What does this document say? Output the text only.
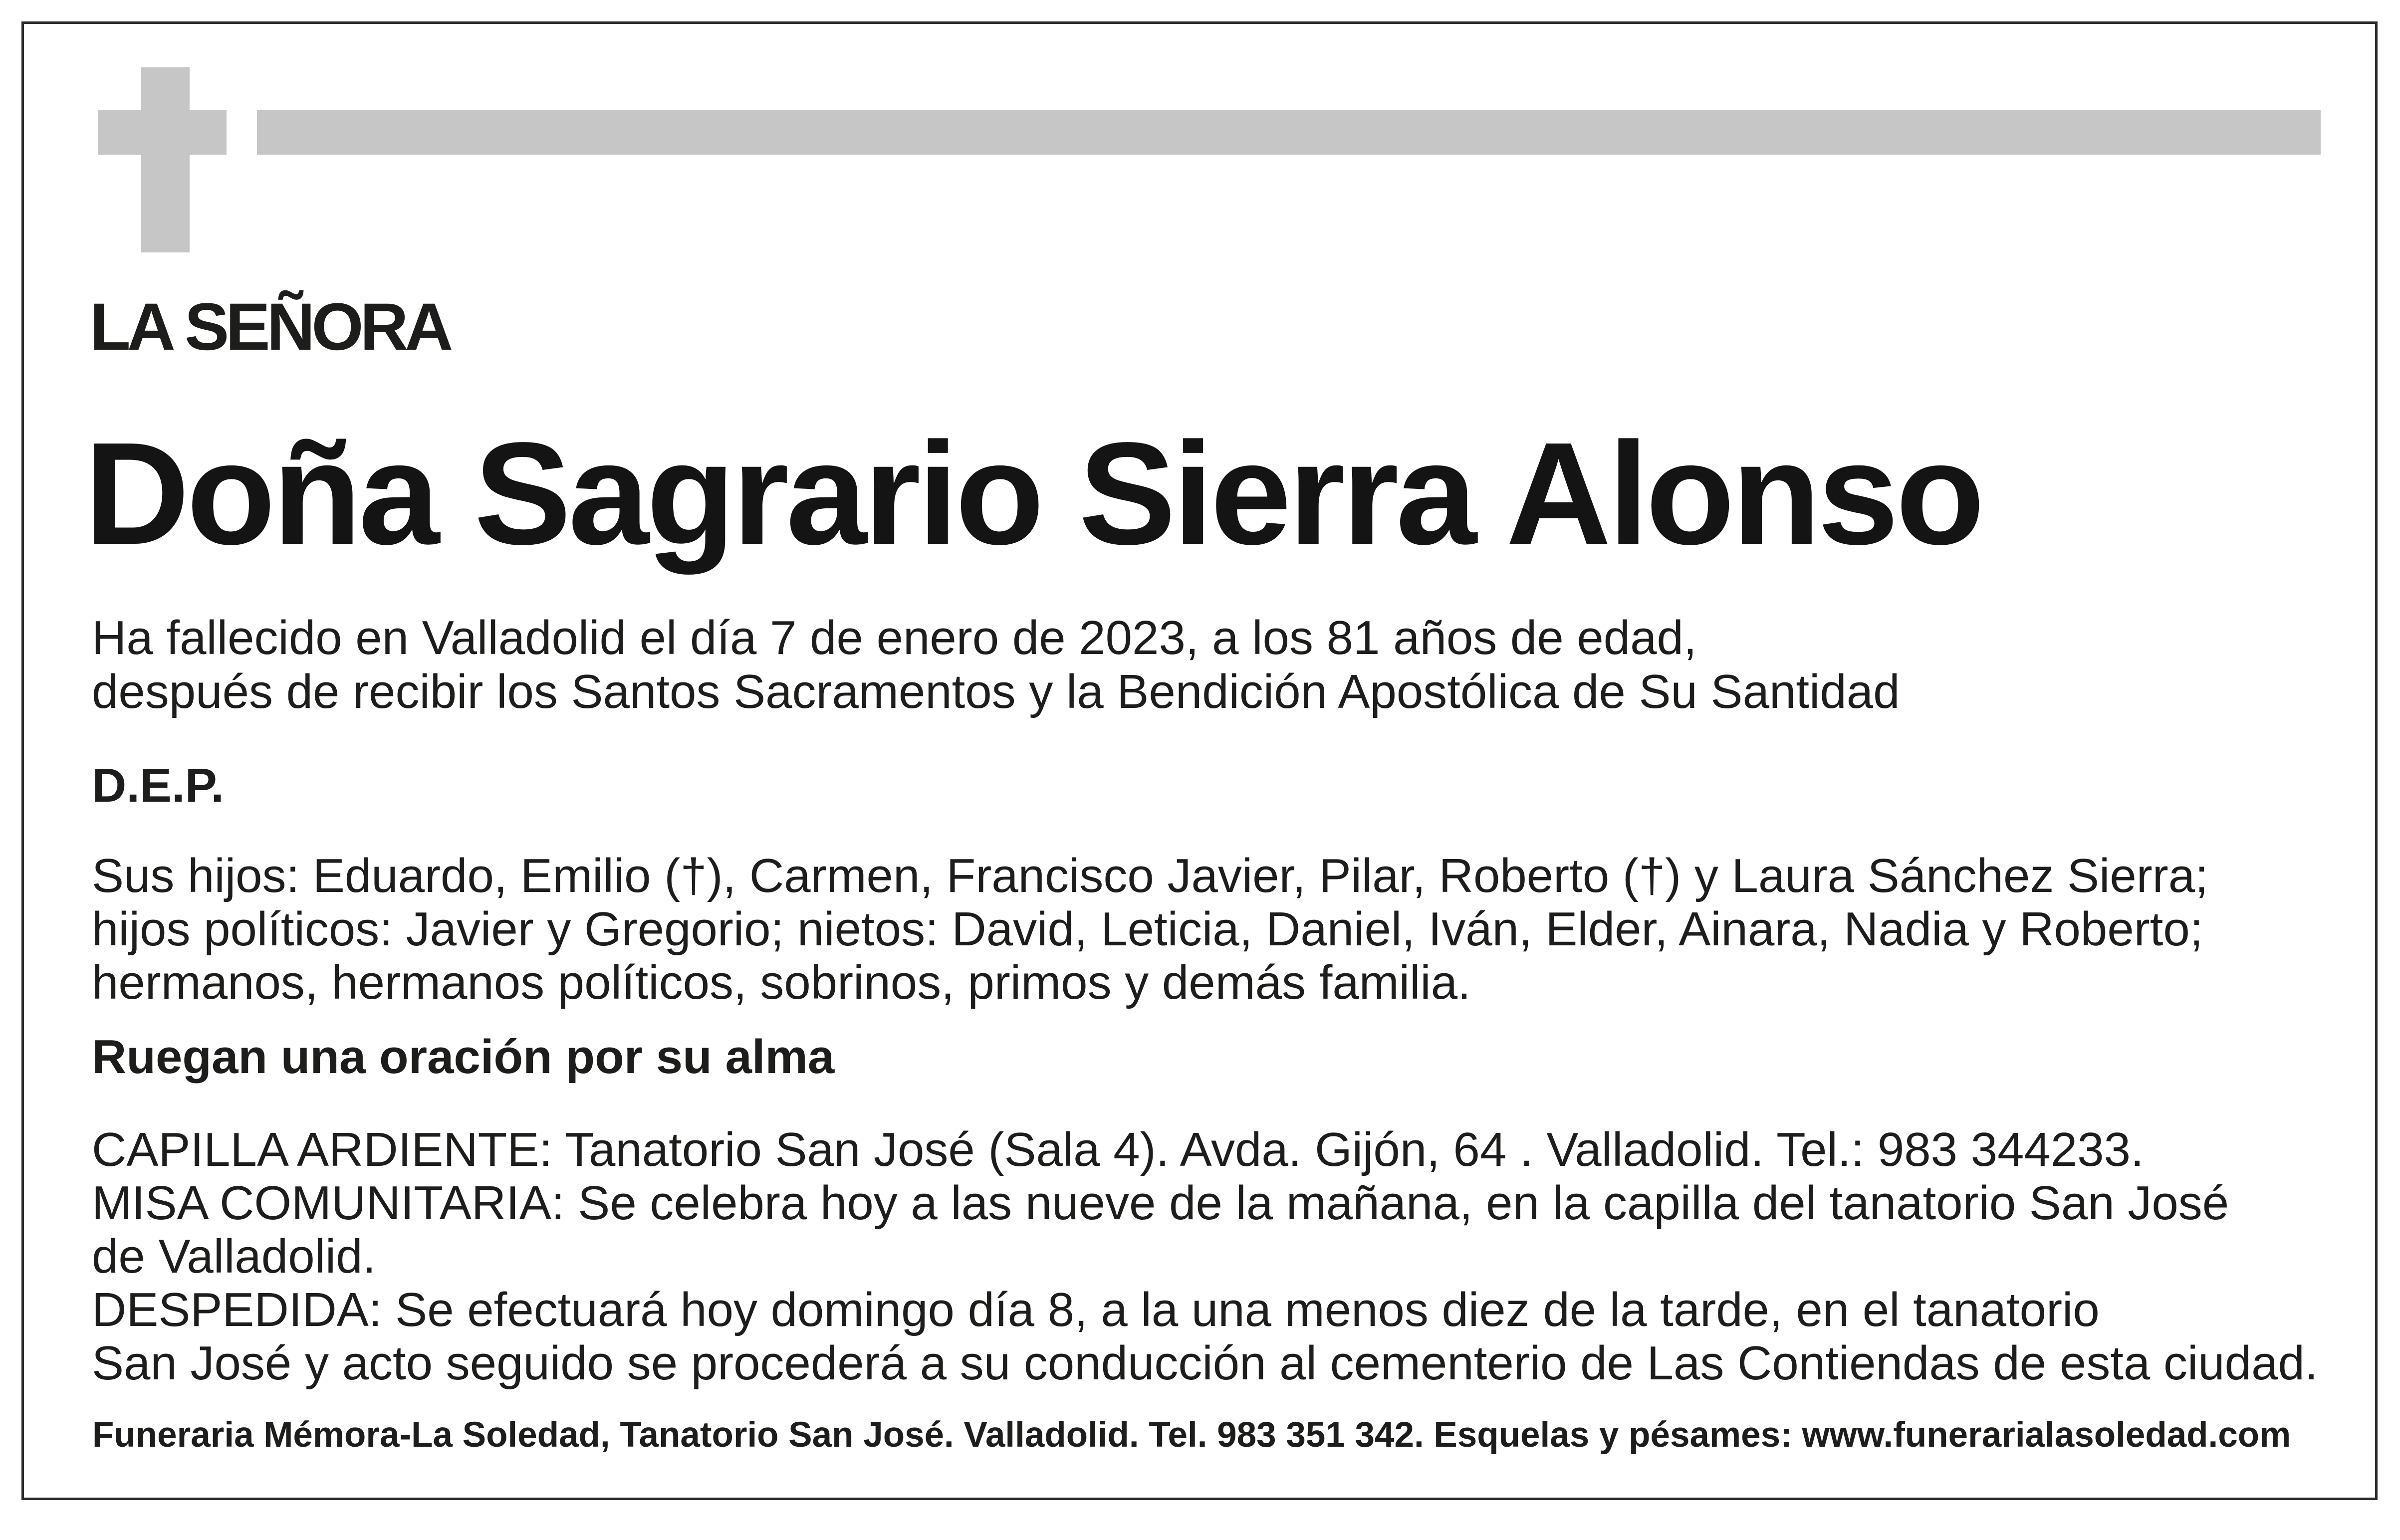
LA SEÑORA
Doña Sagrario Sierra Alonso
Ha fallecido en Valladolid el día 7 de enero de 2023, a los 81 años de edad,
después de recibir los Santos Sacramentos y la Bendición Apostólica de Su Santidad
D.E.P.
Sus hijos: Eduardo, Emilio (†), Carmen, Francisco Javier, Pilar, Roberto (†) y Laura Sánchez Sierra;
hijos políticos: Javier y Gregorio; nietos: David, Leticia, Daniel, Iván, Elder, Ainara, Nadia y Roberto;
hermanos, hermanos políticos, sobrinos, primos y demás familia.
Ruegan una oración por su alma
CAPILLA ARDIENTE: Tanatorio San José (Sala 4). Avda. Gijón, 64 . Valladolid. Tel.: 983 344233.
MISA COMUNITARIA: Se celebra hoy a las nueve de la mañana, en la capilla del tanatorio San José
de Valladolid.
DESPEDIDA: Se efectuará hoy domingo día 8, a la una menos diez de la tarde, en el tanatorio
San José y acto seguido se procederá a su conducción al cementerio de Las Contiendas de esta ciudad.
Funeraria Mémora-La Soledad, Tanatorio San José. Valladolid. Tel. 983 351 342. Esquelas y pésames: www.funerarialasoledad.com
